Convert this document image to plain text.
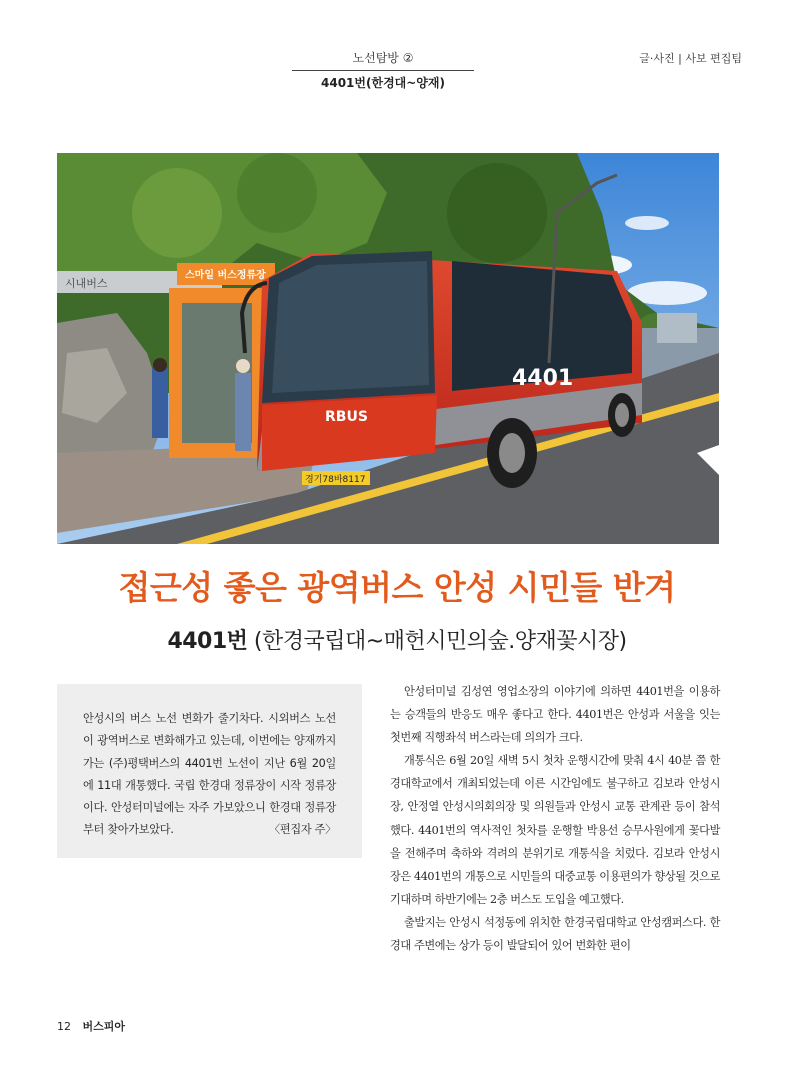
노선탐방 ②
4401번(한경대~양재)
글·사진 | 사보 편집팀
시내버스
스마일 버스정류장
RBUS
경기78바8117
4401
접근성 좋은 광역버스 안성 시민들 반겨
4401번 (한경국립대~매헌시민의숲.양재꽃시장)

안성시의 버스 노선 변화가 줄기차다. 시외버스 노선이 광역버스로 변화해가고 있는데, 이번에는 양재까지 가는 (주)평택버스의 4401번 노선이 지난 6월 20일에 11대 개통했다. 국립 한경대 정류장이 시작 정류장이다. 안성터미널에는 자주 가보았으니 한경대 정류장부터 찾아가보았다.	〈편집자 주〉

안성터미널 김성연 영업소장의 이야기에 의하면 4401번을 이용하는 승객들의 반응도 매우 좋다고 한다. 4401번은 안성과 서울을 잇는 첫번째 직행좌석 버스라는데 의의가 크다.

개통식은 6월 20일 새벽 5시 첫차 운행시간에 맞춰 4시 40분 쯤 한경대학교에서 개최되었는데 이른 시간임에도 불구하고 김보라 안성시장, 안정열 안성시의회의장 및 의원들과 안성시 교통 관계관 등이 참석했다. 4401번의 역사적인 첫차를 운행할 박용선 승무사원에게 꽃다발을 전해주며 축하와 격려의 분위기로 개통식을 치렀다. 김보라 안성시장은 4401번의 개통으로 시민들의 대중교통 이용편의가 향상될 것으로 기대하며 하반기에는 2층 버스도 도입을 예고했다.

출발지는 안성시 석정동에 위치한 한경국립대학교 안성캠퍼스다. 한경대 주변에는 상가 등이 발달되어 있어 번화한 편이

12 버스피아
